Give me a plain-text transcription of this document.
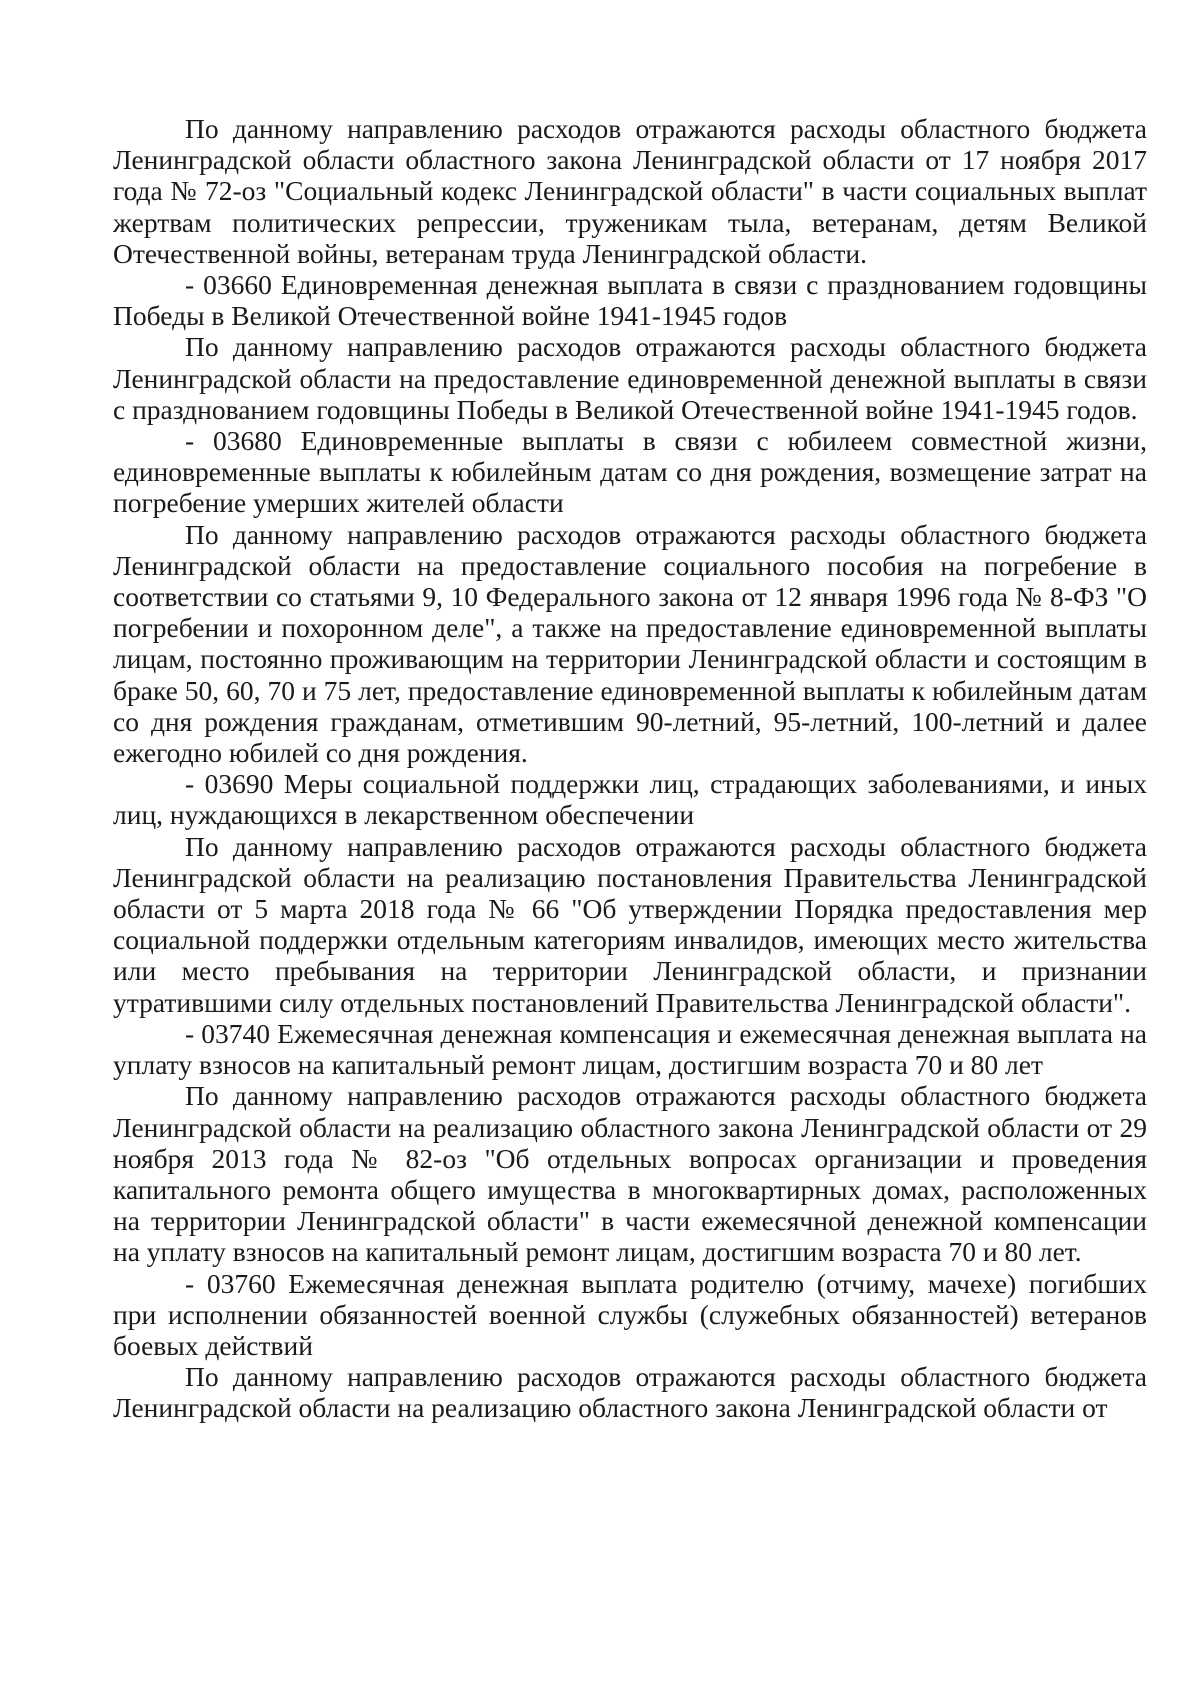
По данному направлению расходов отражаются расходы областного бюджета Ленинградской области областного закона Ленинградской области от 17 ноября 2017 года № 72-оз "Социальный кодекс Ленинградской области" в части социальных выплат жертвам политических репрессии, труженикам тыла, ветеранам, детям Великой Отечественной войны, ветеранам труда Ленинградской области.

- 03660 Единовременная денежная выплата в связи с празднованием годовщины Победы в Великой Отечественной войне 1941-1945 годов

По данному направлению расходов отражаются расходы областного бюджета Ленинградской области на предоставление единовременной денежной выплаты в связи с празднованием годовщины Победы в Великой Отечественной войне 1941-1945 годов.

- 03680 Единовременные выплаты в связи с юбилеем совместной жизни, единовременные выплаты к юбилейным датам со дня рождения, возмещение затрат на погребение умерших жителей области

По данному направлению расходов отражаются расходы областного бюджета Ленинградской области на предоставление социального пособия на погребение в соответствии со статьями 9, 10 Федерального закона от 12 января 1996 года № 8-ФЗ "О погребении и похоронном деле", а также на предоставление единовременной выплаты лицам, постоянно проживающим на территории Ленинградской области и состоящим в браке 50, 60, 70 и 75 лет, предоставление единовременной выплаты к юбилейным датам со дня рождения гражданам, отметившим 90-летний, 95-летний, 100-летний и далее ежегодно юбилей со дня рождения.

- 03690 Меры социальной поддержки лиц, страдающих заболеваниями, и иных лиц, нуждающихся в лекарственном обеспечении

По данному направлению расходов отражаются расходы областного бюджета Ленинградской области на реализацию постановления Правительства Ленинградской области от 5 марта 2018 года № 66 "Об утверждении Порядка предоставления мер социальной поддержки отдельным категориям инвалидов, имеющих место жительства или место пребывания на территории Ленинградской области, и признании утратившими силу отдельных постановлений Правительства Ленинградской области".

- 03740 Ежемесячная денежная компенсация и ежемесячная денежная выплата на уплату взносов на капитальный ремонт лицам, достигшим возраста 70 и 80 лет

По данному направлению расходов отражаются расходы областного бюджета Ленинградской области на реализацию областного закона Ленинградской области от 29 ноября 2013 года № 82-оз "Об отдельных вопросах организации и проведения капитального ремонта общего имущества в многоквартирных домах, расположенных на территории Ленинградской области" в части ежемесячной денежной компенсации на уплату взносов на капитальный ремонт лицам, достигшим возраста 70 и 80 лет.

- 03760 Ежемесячная денежная выплата родителю (отчиму, мачехе) погибших при исполнении обязанностей военной службы (служебных обязанностей) ветеранов боевых действий

По данному направлению расходов отражаются расходы областного бюджета Ленинградской области на реализацию областного закона Ленинградской области от
